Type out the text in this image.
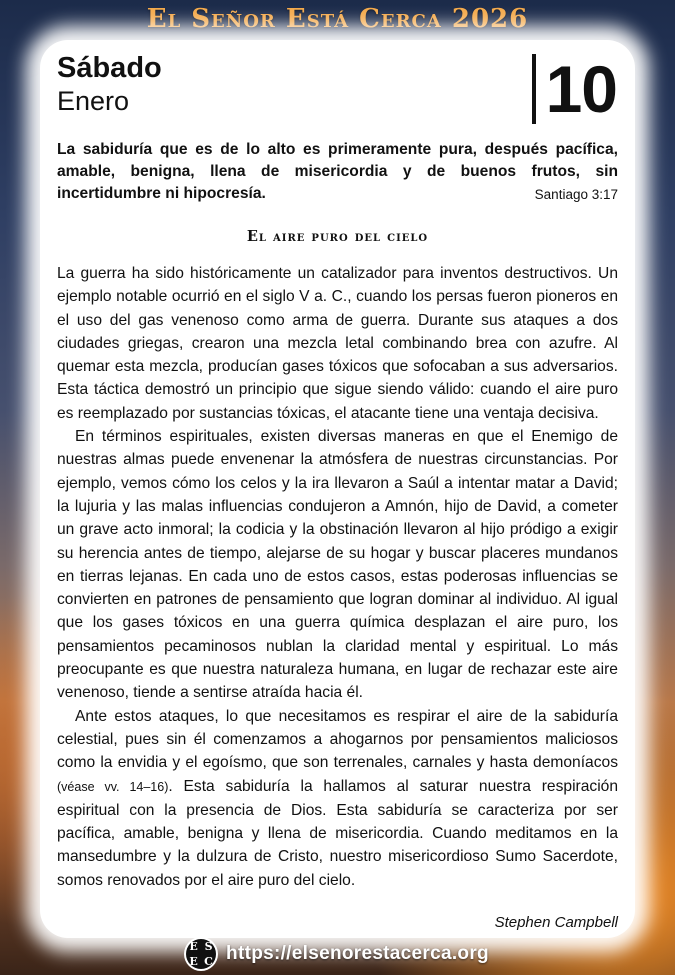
El Señor Está Cerca 2026
Sábado
Enero	10
La sabiduría que es de lo alto es primeramente pura, después pacífica, amable, benigna, llena de misericordia y de buenos frutos, sin incertidumbre ni hipocresía.	Santiago 3:17
El aire puro del cielo

La guerra ha sido históricamente un catalizador para inventos destructivos. Un ejemplo notable ocurrió en el siglo V a. C., cuando los persas fueron pioneros en el uso del gas venenoso como arma de guerra. Durante sus ataques a dos ciudades griegas, crearon una mezcla letal combinando brea con azufre. Al quemar esta mezcla, producían gases tóxicos que sofocaban a sus adversarios. Esta táctica demostró un principio que sigue siendo válido: cuando el aire puro es reemplazado por sustancias tóxicas, el atacante tiene una ventaja decisiva.

En términos espirituales, existen diversas maneras en que el Enemigo de nuestras almas puede envenenar la atmósfera de nuestras circunstancias. Por ejemplo, vemos cómo los celos y la ira llevaron a Saúl a intentar matar a David; la lujuria y las malas influencias condujeron a Amnón, hijo de David, a cometer un grave acto inmoral; la codicia y la obstinación llevaron al hijo pródigo a exigir su herencia antes de tiempo, alejarse de su hogar y buscar placeres mundanos en tierras lejanas. En cada uno de estos casos, estas poderosas influencias se convierten en patrones de pensamiento que logran dominar al individuo. Al igual que los gases tóxicos en una guerra química desplazan el aire puro, los pensamientos pecaminosos nublan la claridad mental y espiritual. Lo más preocupante es que nuestra naturaleza humana, en lugar de rechazar este aire venenoso, tiende a sentirse atraída hacia él.

Ante estos ataques, lo que necesitamos es respirar el aire de la sabiduría celestial, pues sin él comenzamos a ahogarnos por pensamientos maliciosos como la envidia y el egoísmo, que son terrenales, carnales y hasta demoníacos (véase vv. 14–16). Esta sabiduría la hallamos al saturar nuestra respiración espiritual con la presencia de Dios. Esta sabiduría se caracteriza por ser pacífica, amable, benigna y llena de misericordia. Cuando meditamos en la mansedumbre y la dulzura de Cristo, nuestro misericordioso Sumo Sacerdote, somos renovados por el aire puro del cielo.

Stephen Campbell
E S
E C https://elsenorestacerca.org
